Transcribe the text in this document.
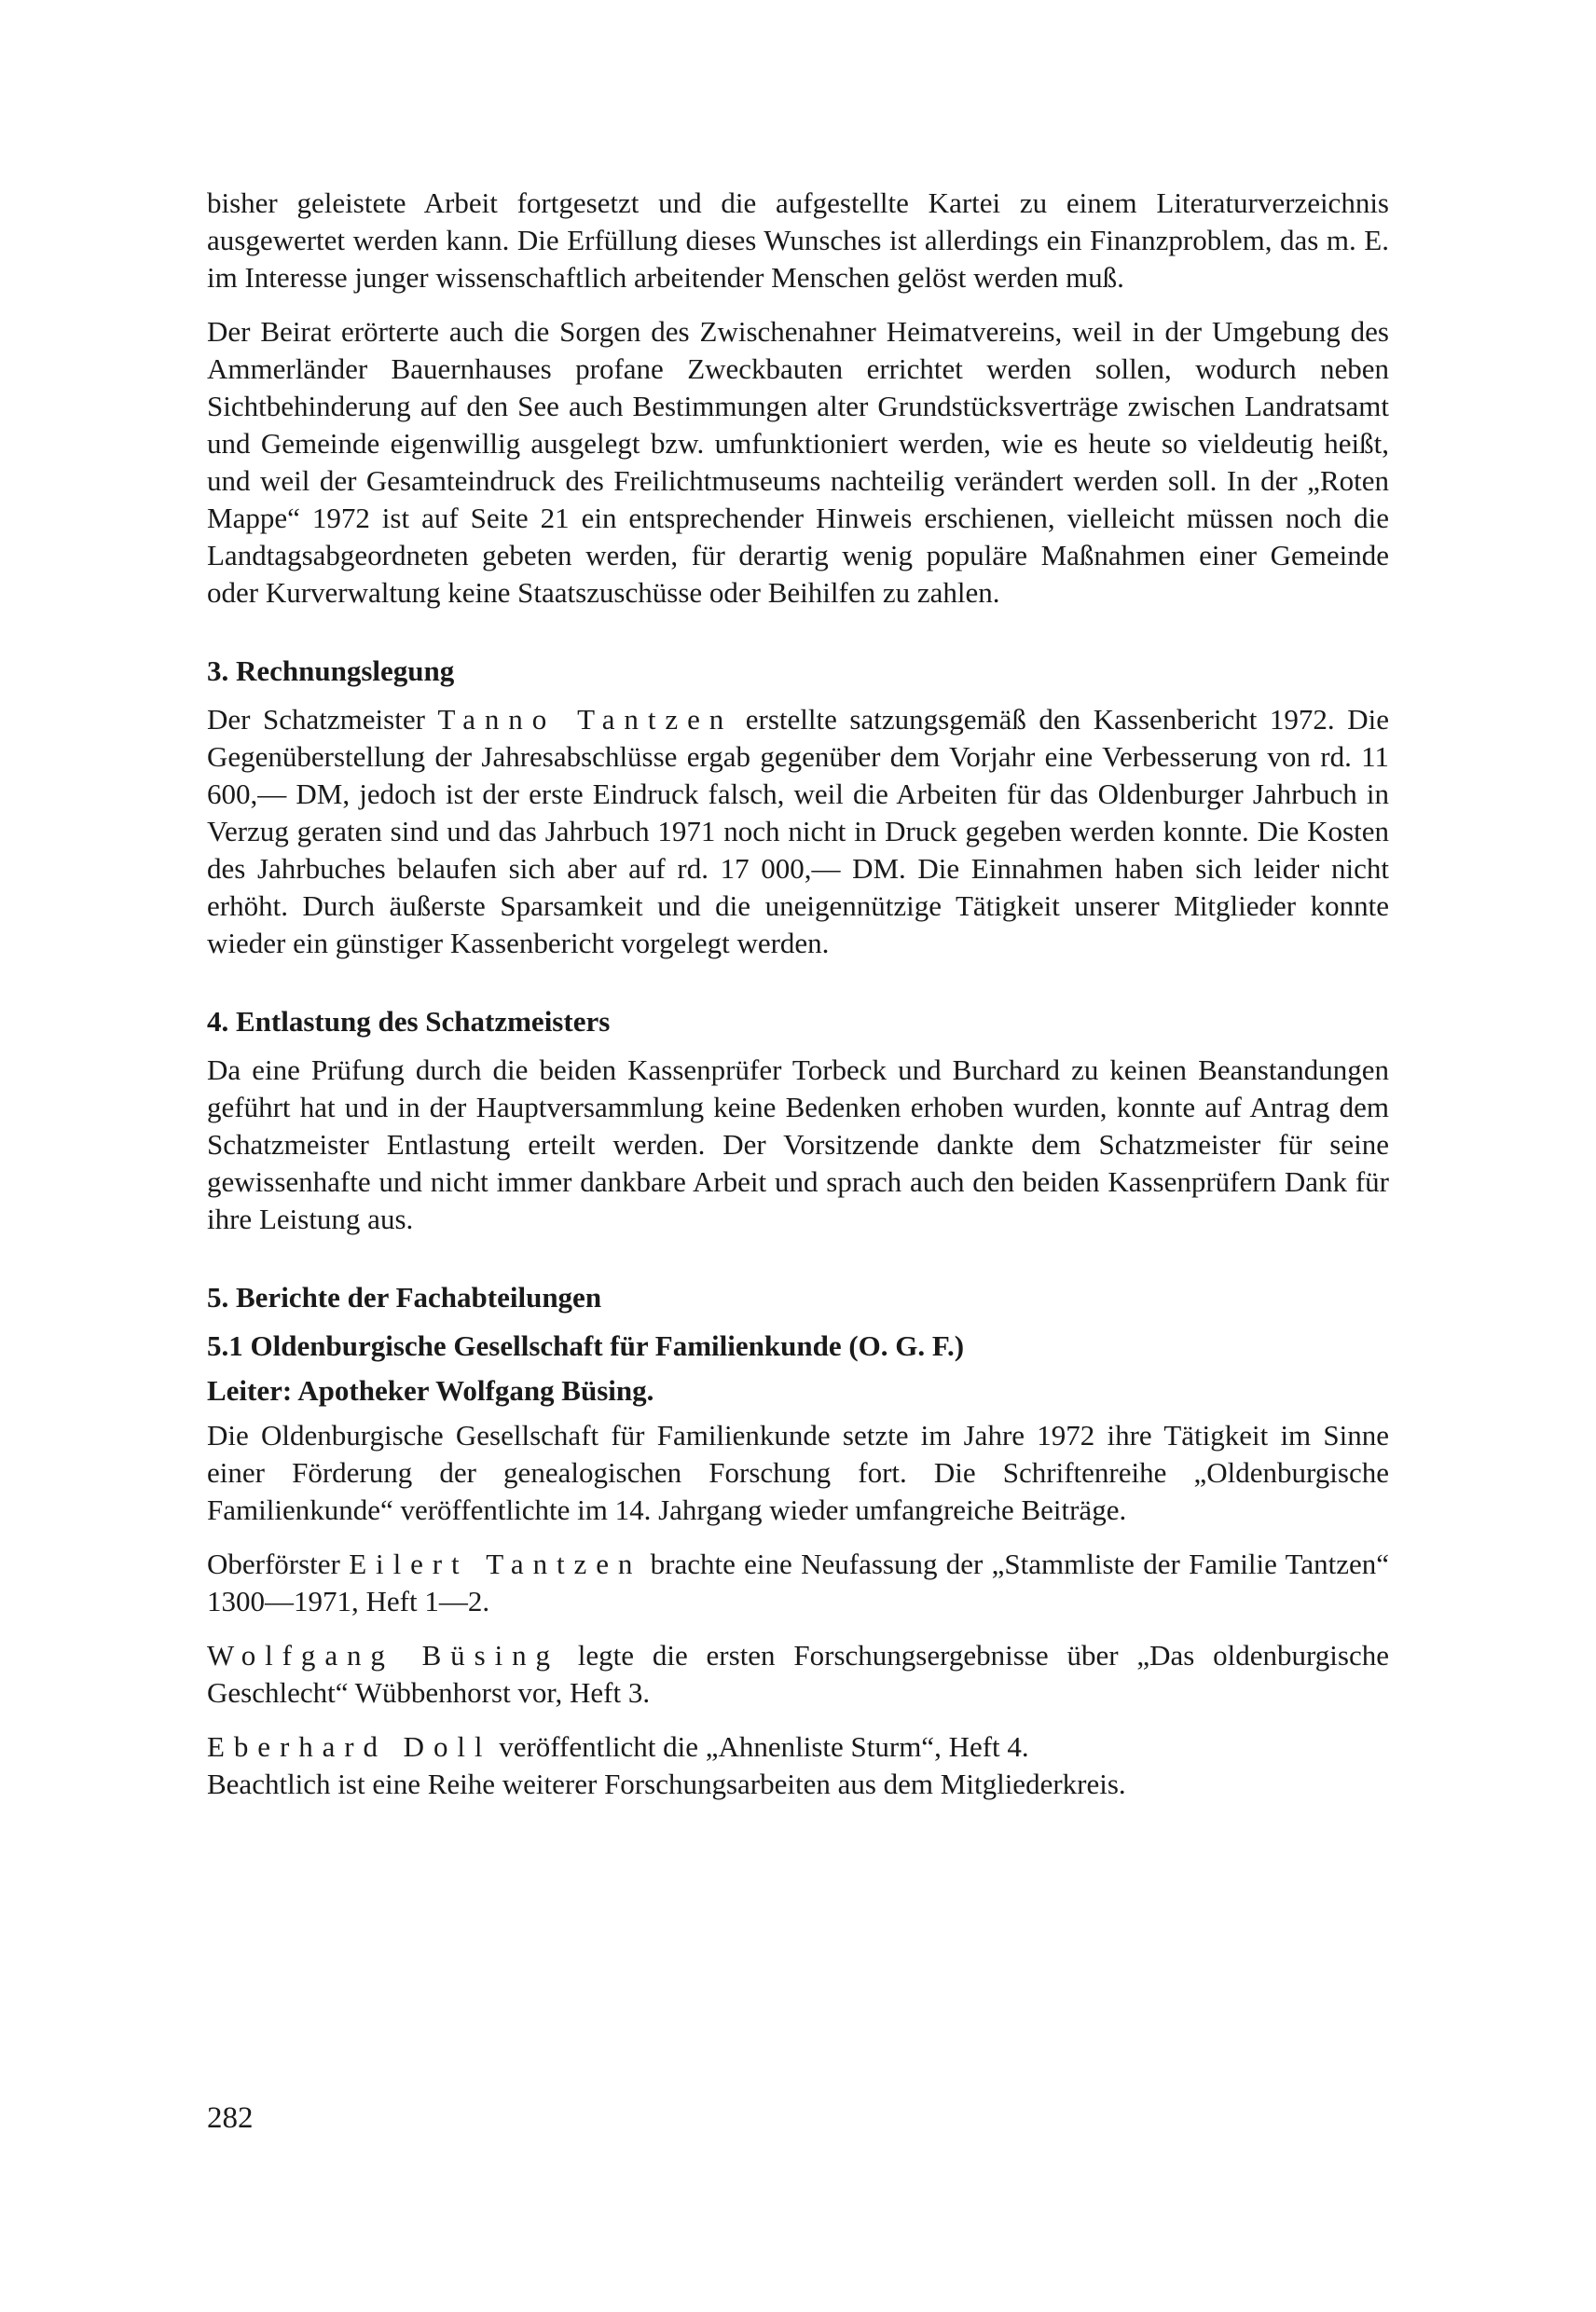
bisher geleistete Arbeit fortgesetzt und die aufgestellte Kartei zu einem Literaturverzeichnis ausgewertet werden kann. Die Erfüllung dieses Wunsches ist allerdings ein Finanzproblem, das m. E. im Interesse junger wissenschaftlich arbeitender Menschen gelöst werden muß.

Der Beirat erörterte auch die Sorgen des Zwischenahner Heimatvereins, weil in der Umgebung des Ammerländer Bauernhauses profane Zweckbauten errichtet werden sollen, wodurch neben Sichtbehinderung auf den See auch Bestimmungen alter Grundstücksverträge zwischen Landratsamt und Gemeinde eigenwillig ausgelegt bzw. umfunktioniert werden, wie es heute so vieldeutig heißt, und weil der Gesamteindruck des Freilichtmuseums nachteilig verändert werden soll. In der „Roten Mappe“ 1972 ist auf Seite 21 ein entsprechender Hinweis erschienen, vielleicht müssen noch die Landtagsabgeordneten gebeten werden, für derartig wenig populäre Maßnahmen einer Gemeinde oder Kurverwaltung keine Staatszuschüsse oder Beihilfen zu zahlen.

3. Rechnungslegung

Der Schatzmeister Tanno Tantzen erstellte satzungsgemäß den Kassenbericht 1972. Die Gegenüberstellung der Jahresabschlüsse ergab gegenüber dem Vorjahr eine Verbesserung von rd. 11 600,— DM, jedoch ist der erste Eindruck falsch, weil die Arbeiten für das Oldenburger Jahrbuch in Verzug geraten sind und das Jahrbuch 1971 noch nicht in Druck gegeben werden konnte. Die Kosten des Jahrbuches belaufen sich aber auf rd. 17 000,— DM. Die Einnahmen haben sich leider nicht erhöht. Durch äußerste Sparsamkeit und die uneigennützige Tätigkeit unserer Mitglieder konnte wieder ein günstiger Kassenbericht vorgelegt werden.

4. Entlastung des Schatzmeisters

Da eine Prüfung durch die beiden Kassenprüfer Torbeck und Burchard zu keinen Beanstandungen geführt hat und in der Hauptversammlung keine Bedenken erhoben wurden, konnte auf Antrag dem Schatzmeister Entlastung erteilt werden. Der Vorsitzende dankte dem Schatzmeister für seine gewissenhafte und nicht immer dankbare Arbeit und sprach auch den beiden Kassenprüfern Dank für ihre Leistung aus.

5. Berichte der Fachabteilungen
5.1 Oldenburgische Gesellschaft für Familienkunde (O. G. F.)
Leiter: Apotheker Wolfgang Büsing.

Die Oldenburgische Gesellschaft für Familienkunde setzte im Jahre 1972 ihre Tätigkeit im Sinne einer Förderung der genealogischen Forschung fort. Die Schriftenreihe „Oldenburgische Familienkunde“ veröffentlichte im 14. Jahrgang wieder umfangreiche Beiträge.

Oberförster Eilert Tantzen brachte eine Neufassung der „Stammliste der Familie Tantzen“ 1300—1971, Heft 1—2.

Wolfgang Büsing legte die ersten Forschungsergebnisse über „Das oldenburgische Geschlecht“ Wübbenhorst vor, Heft 3.

Eberhard Doll veröffentlicht die „Ahnenliste Sturm“, Heft 4.

Beachtlich ist eine Reihe weiterer Forschungsarbeiten aus dem Mitgliederkreis.

282
